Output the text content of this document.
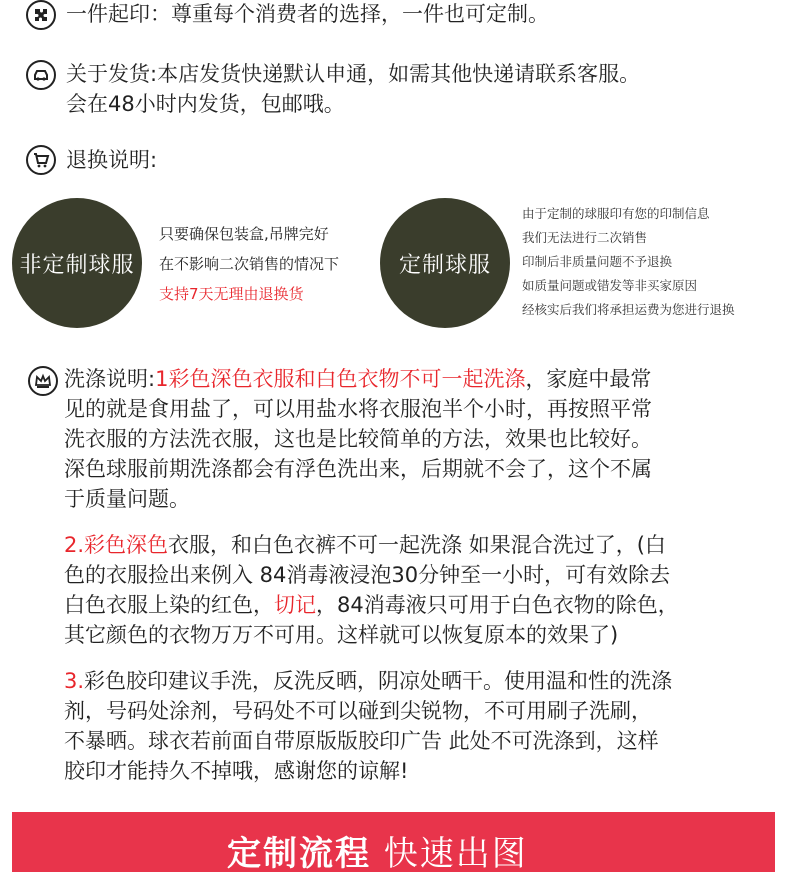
一件起印：尊重每个消费者的选择，一件也可定制。
关于发货:本店发货快递默认申通，如需其他快递请联系客服。
会在48小时内发货，包邮哦。
退换说明:
非定制球服
只要确保包装盒,吊牌完好
在不影响二次销售的情况下
支持7天无理由退换货
定制球服
由于定制的球服印有您的印制信息
我们无法进行二次销售
印制后非质量问题不予退换
如质量问题或错发等非买家原因
经核实后我们将承担运费为您进行退换
洗涤说明:1彩色深色衣服和白色衣物不可一起洗涤，家庭中最常
见的就是食用盐了，可以用盐水将衣服泡半个小时，再按照平常
洗衣服的方法洗衣服，这也是比较简单的方法，效果也比较好。
深色球服前期洗涤都会有浮色洗出来，后期就不会了，这个不属
于质量问题。
2.彩色深色衣服，和白色衣裤不可一起洗涤 如果混合洗过了，(白
色的衣服捡出来例入 84消毒液浸泡30分钟至一小时，可有效除去
白色衣服上染的红色，切记，84消毒液只可用于白色衣物的除色，
其它颜色的衣物万万不可用。这样就可以恢复原本的效果了)
3.彩色胶印建议手洗，反洗反晒，阴凉处晒干。使用温和性的洗涤
剂，号码处涂剂，号码处不可以碰到尖锐物，不可用刷子洗刷，
不暴晒。球衣若前面自带原版版胶印广告 此处不可洗涤到，这样
胶印才能持久不掉哦，感谢您的谅解!
定制流程 快速出图
